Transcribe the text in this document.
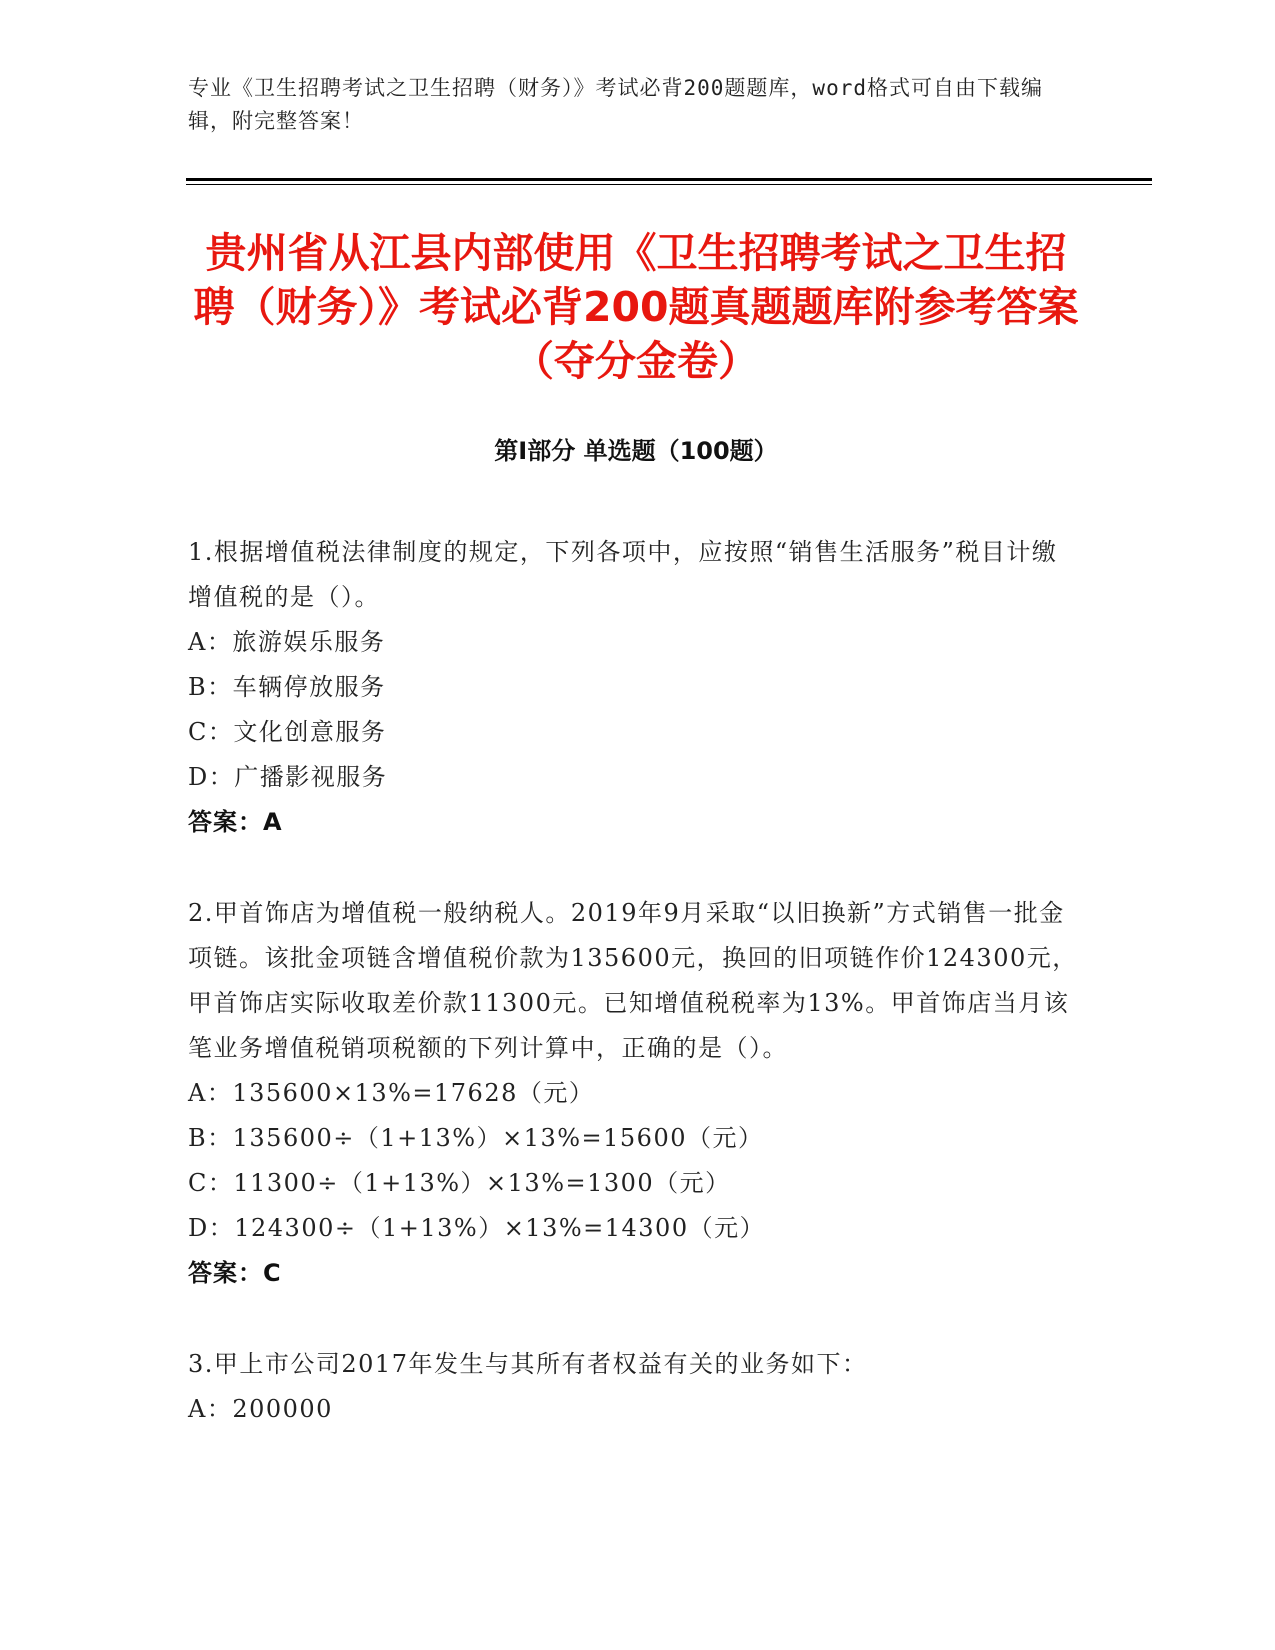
专业《卫生招聘考试之卫生招聘（财务）》考试必背200题题库，word格式可自由下载编辑，附完整答案！
贵州省从江县内部使用《卫生招聘考试之卫生招聘（财务）》考试必背200题真题题库附参考答案（夺分金卷）
第Ⅰ部分 单选题（100题）

1.根据增值税法律制度的规定，下列各项中，应按照“销售生活服务”税目计缴增值税的是（）。

A：旅游娱乐服务

B：车辆停放服务

C：文化创意服务

D：广播影视服务

答案：A

2.甲首饰店为增值税一般纳税人。2019年9月采取“以旧换新”方式销售一批金项链。该批金项链含增值税价款为135600元，换回的旧项链作价124300元，甲首饰店实际收取差价款11300元。已知增值税税率为13%。甲首饰店当月该笔业务增值税销项税额的下列计算中，正确的是（）。

A：135600×13%=17628（元）

B：135600÷（1+13%）×13%=15600（元）

C：11300÷（1+13%）×13%=1300（元）

D：124300÷（1+13%）×13%=14300（元）

答案：C

3.甲上市公司2017年发生与其所有者权益有关的业务如下：

A：200000
